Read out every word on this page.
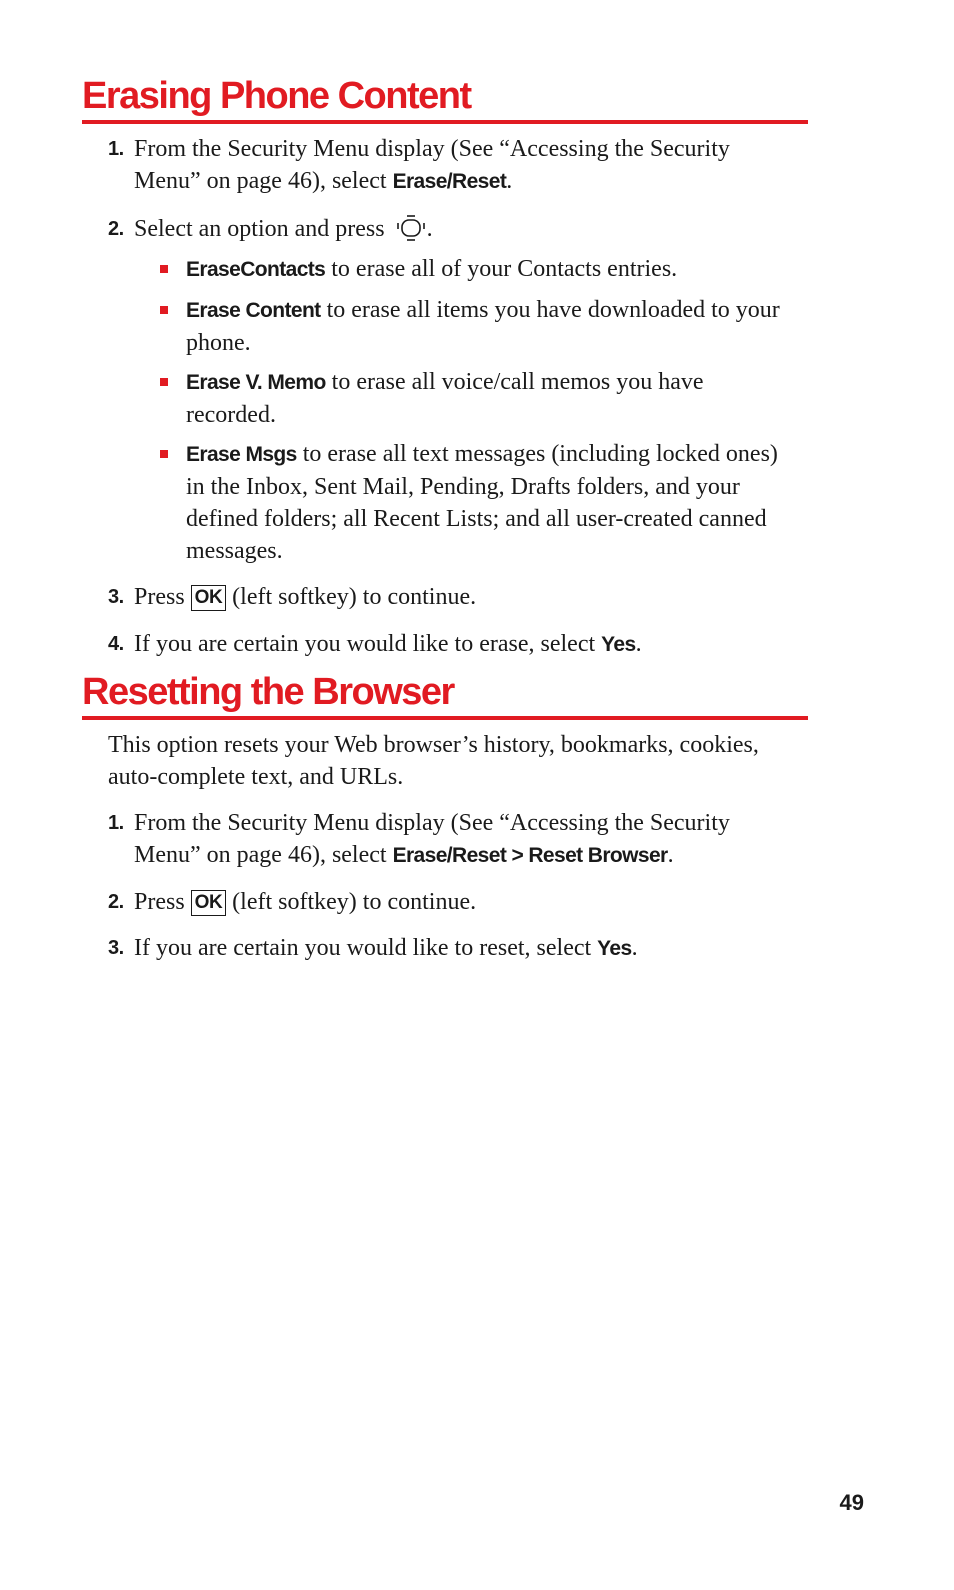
Erasing Phone Content
1. From the Security Menu display (See “Accessing the Security Menu” on page 46), select Erase/Reset.
2. Select an option and press .
EraseContacts to erase all of your Contacts entries.
Erase Content to erase all items you have downloaded to your phone.
Erase V. Memo to erase all voice/call memos you have recorded.
Erase Msgs to erase all text messages (including locked ones) in the Inbox, Sent Mail, Pending, Drafts folders, and your defined folders; all Recent Lists; and all user-created canned messages.
3. Press OK (left softkey) to continue.
4. If you are certain you would like to erase, select Yes.
Resetting the Browser
This option resets your Web browser’s history, bookmarks, cookies, auto-complete text, and URLs.
1. From the Security Menu display (See “Accessing the Security Menu” on page 46), select Erase/Reset > Reset Browser.
2. Press OK (left softkey) to continue.
3. If you are certain you would like to reset, select Yes.
49
